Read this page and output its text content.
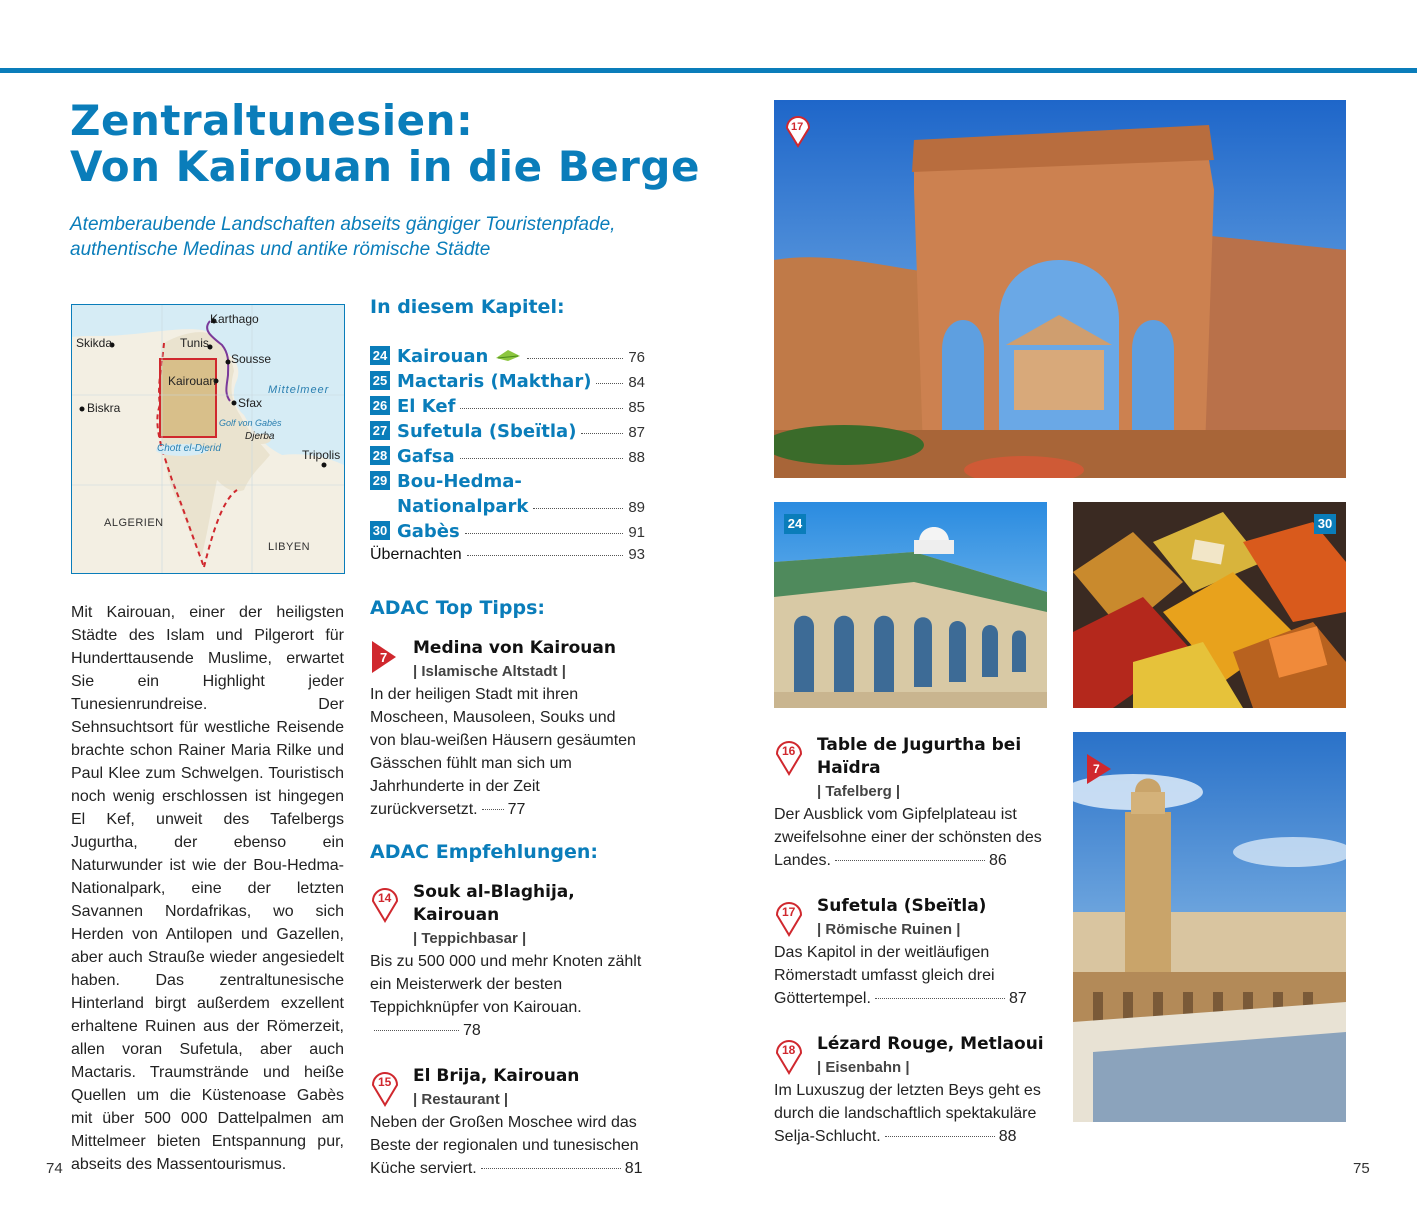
Zentraltunesien:
Von Kairouan in die Berge

Atemberaubende Landschaften abseits gängiger Touristenpfade, authentische Medinas und antike römische Städte

Karthago
Skikda	Tunis
Sousse
Kairouan
Mittelmeer
Biskra	Sfax
Golf von Gabès
Djerba
Chott el-Djerid	Tripolis
ALGERIEN
LIBYEN

Mit Kairouan, einer der heiligsten Städte des Islam und Pilgerort für Hunderttausende Muslime, erwartet Sie ein Highlight jeder Tunesienrundreise. Der Sehnsuchtsort für westliche Reisende brachte schon Rainer Maria Rilke und Paul Klee zum Schwelgen. Touristisch noch wenig erschlossen ist hingegen El Kef, unweit des Tafelbergs Jugurtha, der ebenso ein Naturwunder ist wie der Bou-Hedma-Nationalpark, eine der letzten Savannen Nordafrikas, wo sich Herden von Antilopen und Gazellen, aber auch Strauße wieder angesiedelt haben. Das zentraltunesische Hinterland birgt außerdem exzellent erhaltene Ruinen aus der Römerzeit, allen voran Sufetula, aber auch Mactaris. Traumstrände und heiße Quellen um die Küstenoase Gabès mit über 500 000 Dattelpalmen am Mittelmeer bieten Entspannung pur, abseits des Massentourismus.

In diesem Kapitel:
24 Kairouan	76
25 Mactaris (Makthar) 84
26 El Kef	85
27 Sufetula (Sbeïtla)	87
28 Gafsa	88
29 Bou-Hedma-
Nationalpark	89
30 Gabès	91
Übernachten	93
ADAC Top Tipps:
7 Medina von Kairouan

| Islamische Altstadt |

In der heiligen Stadt mit ihren Moscheen, Mausoleen, Souks und von blau-weißen Häusern gesäumten Gässchen fühlt man sich um Jahrhunderte in der Zeit zurückversetzt. 77

ADAC Empfehlungen:
14 Souk al-Blaghija, Kairouan

| Teppichbasar |

Bis zu 500 000 und mehr Knoten zählt ein Meisterwerk der besten Teppichknüpfer von Kairouan.78

15 El Brija, Kairouan

| Restaurant |

Neben der Großen Moschee wird das Beste der regionalen und tunesischen Küche serviert.	81

17
24	30
7
16 Table de Jugurtha bei Haïdra

| Tafelberg |

Der Ausblick vom Gipfelplateau ist zweifelsohne einer der schönsten des Landes.	86

17 Sufetula (Sbeïtla)

| Römische Ruinen |

Das Kapitol in der weitläufigen Römerstadt umfasst gleich drei Göttertempel.	87

18 Lézard Rouge, Metlaoui

| Eisenbahn |

Im Luxuszug der letzten Beys geht es durch die landschaftlich spektakuläre Selja-Schlucht.	88

74	75
